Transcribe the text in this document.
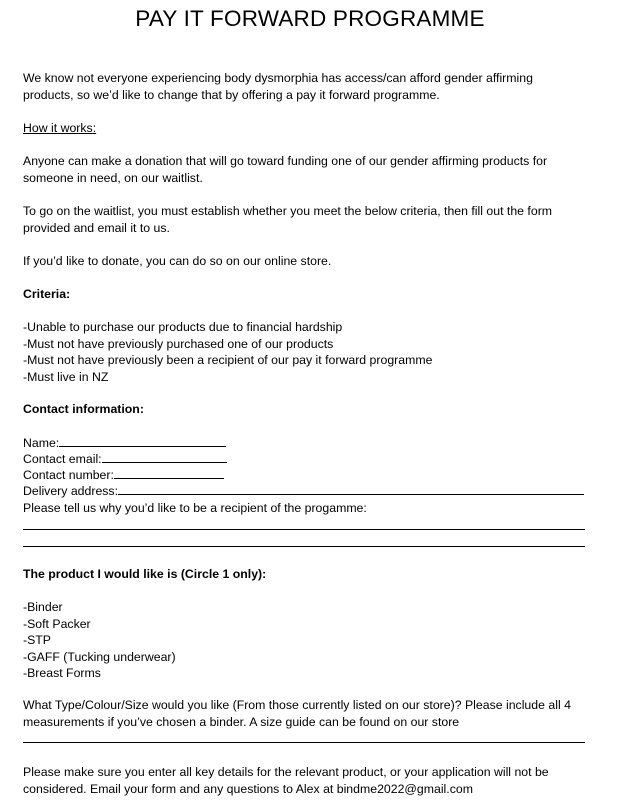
PAY IT FORWARD PROGRAMME
We know not everyone experiencing body dysmorphia has access/can afford gender affirming
products, so we’d like to change that by offering a pay it forward programme.
How it works:
Anyone can make a donation that will go toward funding one of our gender affirming products for
someone in need, on our waitlist.
To go on the waitlist, you must establish whether you meet the below criteria, then fill out the form
provided and email it to us.
If you’d like to donate, you can do so on our online store.
Criteria:
-Unable to purchase our products due to financial hardship
-Must not have previously purchased one of our products
-Must not have previously been a recipient of our pay it forward programme
-Must live in NZ
Contact information:
Name:
Contact email:
Contact number:
Delivery address:
Please tell us why you’d like to be a recipient of the progamme:
The product I would like is (Circle 1 only):
-Binder
-Soft Packer
-STP
-GAFF (Tucking underwear)
-Breast Forms
What Type/Colour/Size would you like (From those currently listed on our store)? Please include all 4
measurements if you’ve chosen a binder. A size guide can be found on our store
Please make sure you enter all key details for the relevant product, or your application will not be
considered. Email your form and any questions to Alex at bindme2022@gmail.com
